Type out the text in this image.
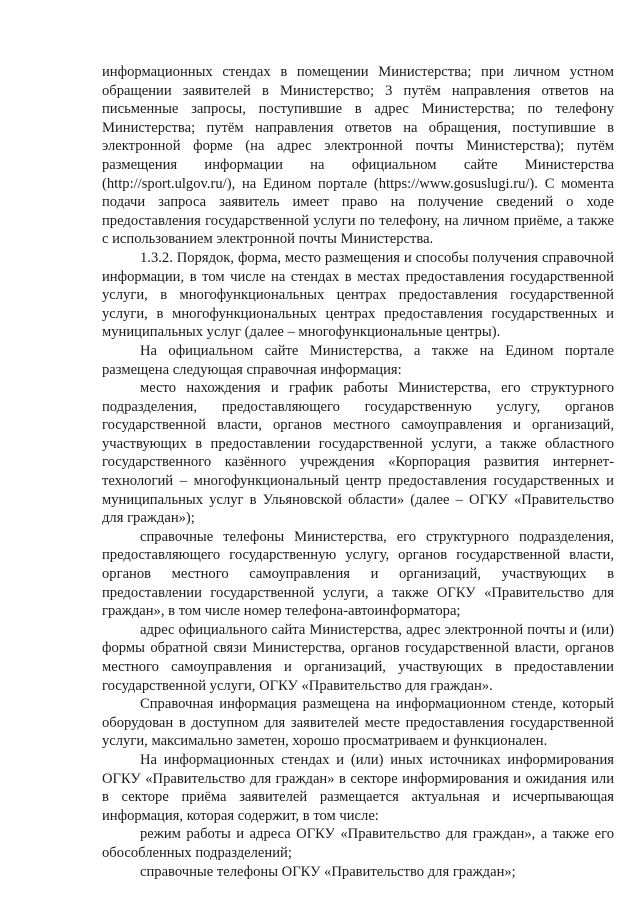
информационных стендах в помещении Министерства; при личном устном обращении заявителей в Министерство; 3 путём направления ответов на письменные запросы, поступившие в адрес Министерства; по телефону Министерства; путём направления ответов на обращения, поступившие в электронной форме (на адрес электронной почты Министерства); путём размещения информации на официальном сайте Министерства (http://sport.ulgov.ru/), на Едином портале (https://www.gosuslugi.ru/). С момента подачи запроса заявитель имеет право на получение сведений о ходе предоставления государственной услуги по телефону, на личном приёме, а также с использованием электронной почты Министерства.

1.3.2. Порядок, форма, место размещения и способы получения справочной информации, в том числе на стендах в местах предоставления государственной услуги, в многофункциональных центрах предоставления государственной услуги, в многофункциональных центрах предоставления государственных и муниципальных услуг (далее – многофункциональные центры).

На официальном сайте Министерства, а также на Едином портале размещена следующая справочная информация:

место нахождения и график работы Министерства, его структурного подразделения, предоставляющего государственную услугу, органов государственной власти, органов местного самоуправления и организаций, участвующих в предоставлении государственной услуги, а также областного государственного казённого учреждения «Корпорация развития интернет-технологий – многофункциональный центр предоставления государственных и муниципальных услуг в Ульяновской области» (далее – ОГКУ «Правительство для граждан»);

справочные телефоны Министерства, его структурного подразделения, предоставляющего государственную услугу, органов государственной власти, органов местного самоуправления и организаций, участвующих в предоставлении государственной услуги, а также ОГКУ «Правительство для граждан», в том числе номер телефона-автоинформатора;

адрес официального сайта Министерства, адрес электронной почты и (или) формы обратной связи Министерства, органов государственной власти, органов местного самоуправления и организаций, участвующих в предоставлении государственной услуги, ОГКУ «Правительство для граждан».

Справочная информация размещена на информационном стенде, который оборудован в доступном для заявителей месте предоставления государственной услуги, максимально заметен, хорошо просматриваем и функционален.

На информационных стендах и (или) иных источниках информирования ОГКУ «Правительство для граждан» в секторе информирования и ожидания или в секторе приёма заявителей размещается актуальная и исчерпывающая информация, которая содержит, в том числе:

режим работы и адреса ОГКУ «Правительство для граждан», а также его обособленных подразделений;

справочные телефоны ОГКУ «Правительство для граждан»;
